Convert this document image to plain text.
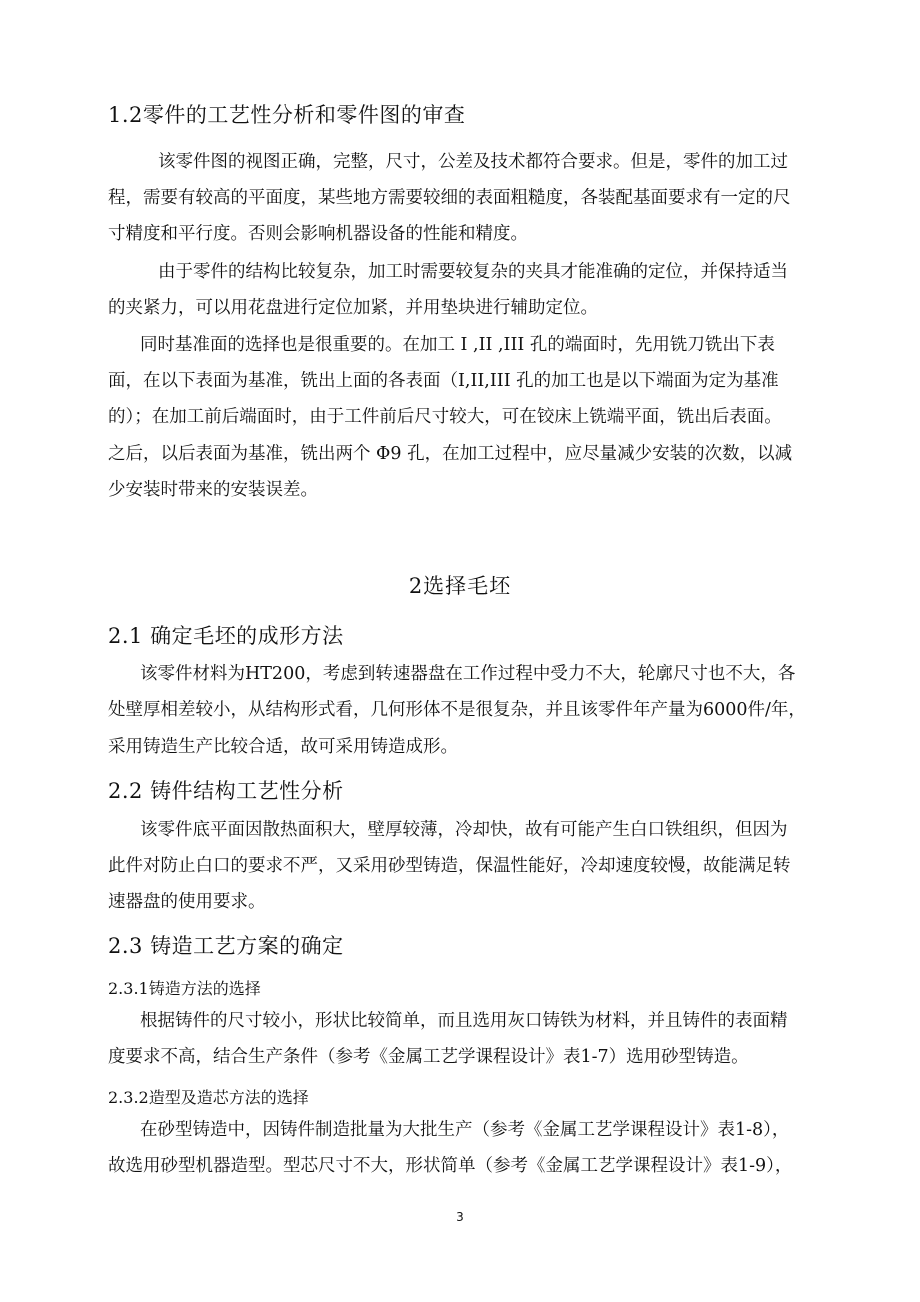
1.2零件的工艺性分析和零件图的审查
该零件图的视图正确，完整，尺寸，公差及技术都符合要求。但是，零件的加工过
程，需要有较高的平面度，某些地方需要较细的表面粗糙度，各装配基面要求有一定的尺
寸精度和平行度。否则会影响机器设备的性能和精度。
由于零件的结构比较复杂，加工时需要较复杂的夹具才能准确的定位，并保持适当
的夹紧力，可以用花盘进行定位加紧，并用垫块进行辅助定位。
同时基准面的选择也是很重要的。在加工 I ,II ,III 孔的端面时，先用铣刀铣出下表
面，在以下表面为基准，铣出上面的各表面（I,II,III 孔的加工也是以下端面为定为基准
的）；在加工前后端面时，由于工件前后尺寸较大，可在铰床上铣端平面，铣出后表面。
之后，以后表面为基准，铣出两个 Φ9 孔，在加工过程中，应尽量减少安装的次数，以减
少安装时带来的安装误差。
2选择毛坯
2.1 确定毛坯的成形方法
该零件材料为HT200，考虑到转速器盘在工作过程中受力不大，轮廓尺寸也不大，各
处壁厚相差较小，从结构形式看，几何形体不是很复杂，并且该零件年产量为6000件/年，
采用铸造生产比较合适，故可采用铸造成形。
2.2 铸件结构工艺性分析
该零件底平面因散热面积大，壁厚较薄，冷却快，故有可能产生白口铁组织，但因为
此件对防止白口的要求不严，又采用砂型铸造，保温性能好，冷却速度较慢，故能满足转
速器盘的使用要求。
2.3 铸造工艺方案的确定
2.3.1铸造方法的选择
根据铸件的尺寸较小，形状比较简单，而且选用灰口铸铁为材料，并且铸件的表面精
度要求不高，结合生产条件（参考《金属工艺学课程设计》表1-7）选用砂型铸造。
2.3.2造型及造芯方法的选择
在砂型铸造中，因铸件制造批量为大批生产（参考《金属工艺学课程设计》表1-8），
故选用砂型机器造型。型芯尺寸不大，形状简单（参考《金属工艺学课程设计》表1-9），
3
